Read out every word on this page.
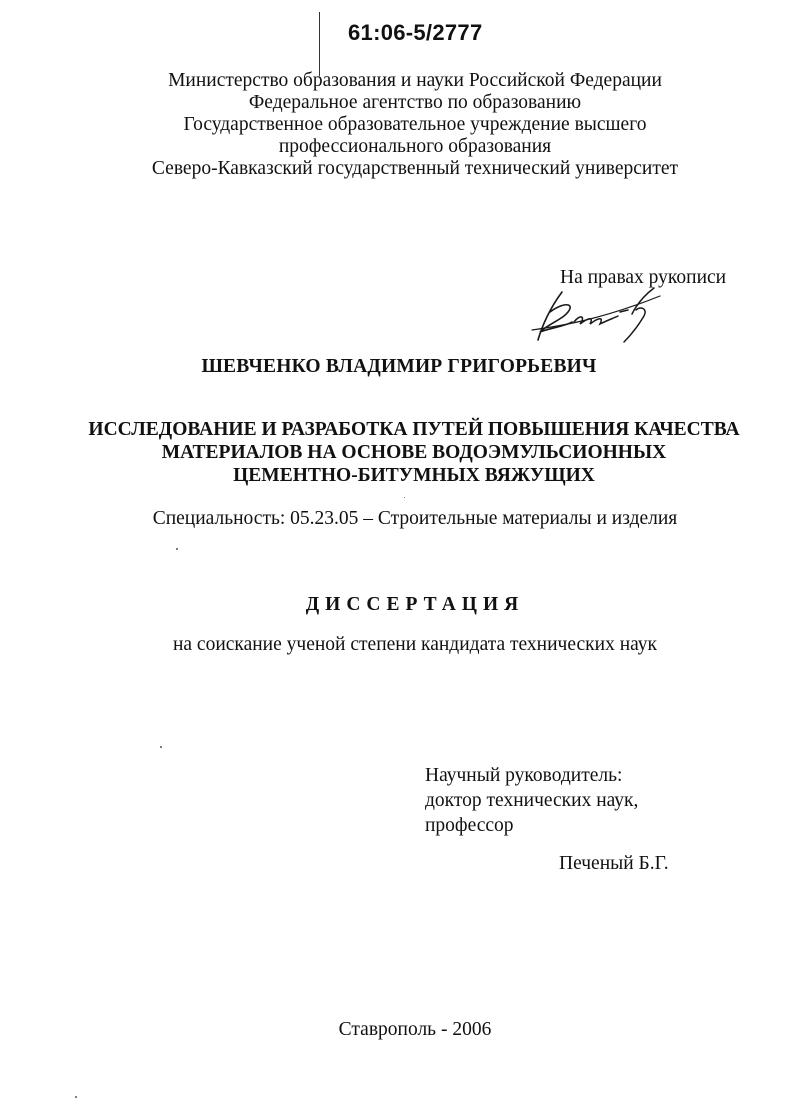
61:06-5/2777
Министерство образования и науки Российской Федерации
Федеральное агентство по образованию
Государственное образовательное учреждение высшего
профессионального образования
Северо-Кавказский государственный технический университет
На правах рукописи
ШЕВЧЕНКО ВЛАДИМИР ГРИГОРЬЕВИЧ
ИССЛЕДОВАНИЕ И РАЗРАБОТКА ПУТЕЙ ПОВЫШЕНИЯ КАЧЕСТВА
МАТЕРИАЛОВ НА ОСНОВЕ ВОДОЭМУЛЬСИОННЫХ
ЦЕМЕНТНО-БИТУМНЫХ ВЯЖУЩИХ
Специальность: 05.23.05 – Строительные материалы и изделия
ДИССЕРТАЦИЯ
на соискание ученой степени кандидата технических наук
Научный руководитель:
доктор технических наук,
профессор
Печеный Б.Г.
Ставрополь - 2006
